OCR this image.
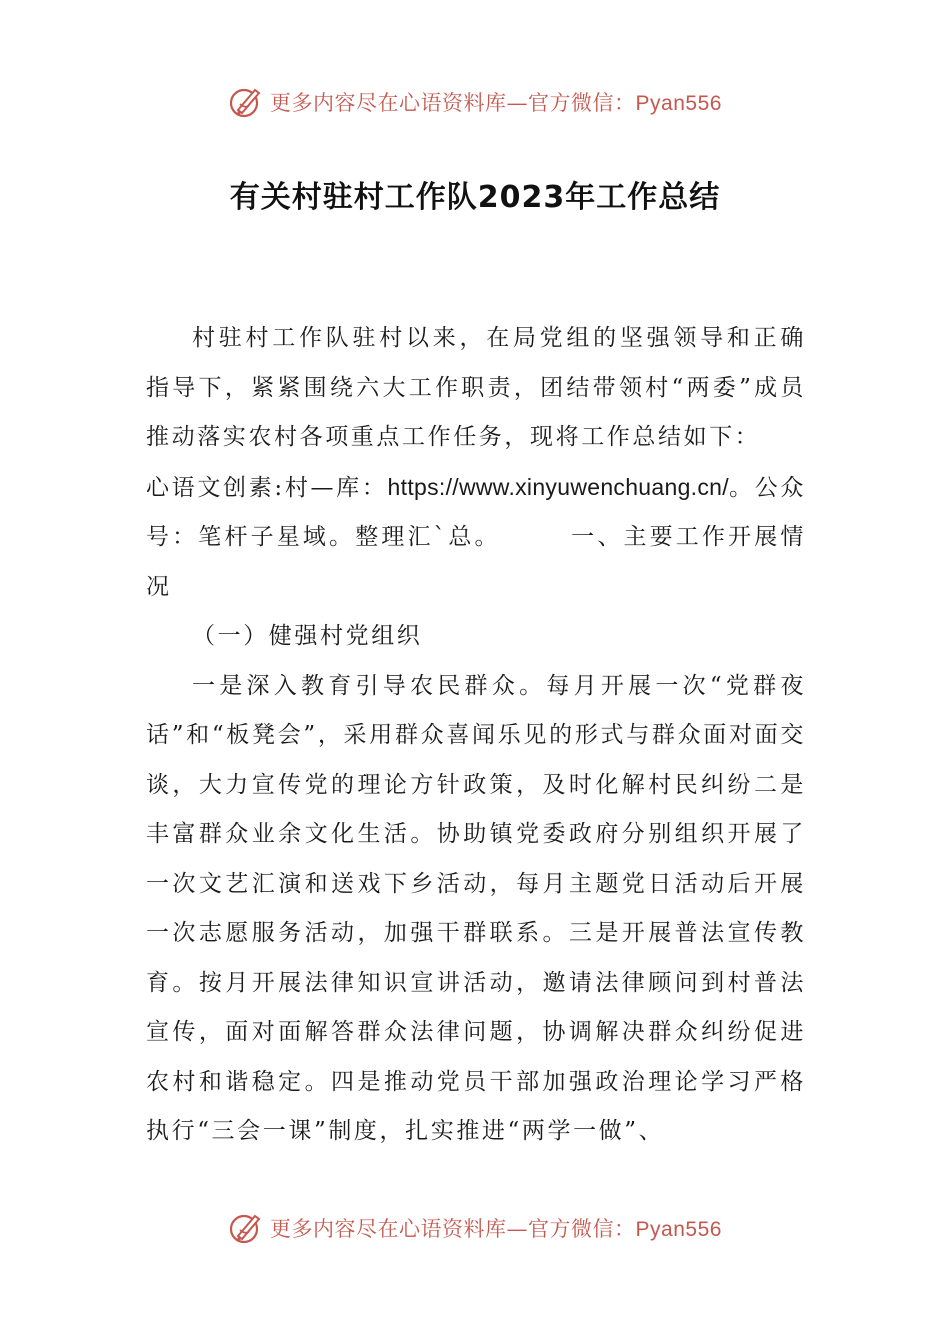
更多内容尽在心语资料库—官方微信：Pyan556
有关村驻村工作队2023年工作总结

村驻村工作队驻村以来，在局党组的坚强领导和正确指导下，紧紧围绕六大工作职责，团结带领村“两委”成员推动落实农村各项重点工作任务，现将工作总结如下：

心语文创素:村—库：https://www.xinyuwenchuang.cn/。公众号：笔杆子星域。整理汇`总。	一、主要工作开展情况

（一）健强村党组织

一是深入教育引导农民群众。每月开展一次“党群夜话”和“板凳会”，采用群众喜闻乐见的形式与群众面对面交谈，大力宣传党的理论方针政策，及时化解村民纠纷二是丰富群众业余文化生活。协助镇党委政府分别组织开展了一次文艺汇演和送戏下乡活动，每月主题党日活动后开展一次志愿服务活动，加强干群联系。三是开展普法宣传教育。按月开展法律知识宣讲活动，邀请法律顾问到村普法宣传，面对面解答群众法律问题，协调解决群众纠纷促进农村和谐稳定。四是推动党员干部加强政治理论学习严格执行“三会一课”制度，扎实推进“两学一做”、

更多内容尽在心语资料库—官方微信：Pyan556
